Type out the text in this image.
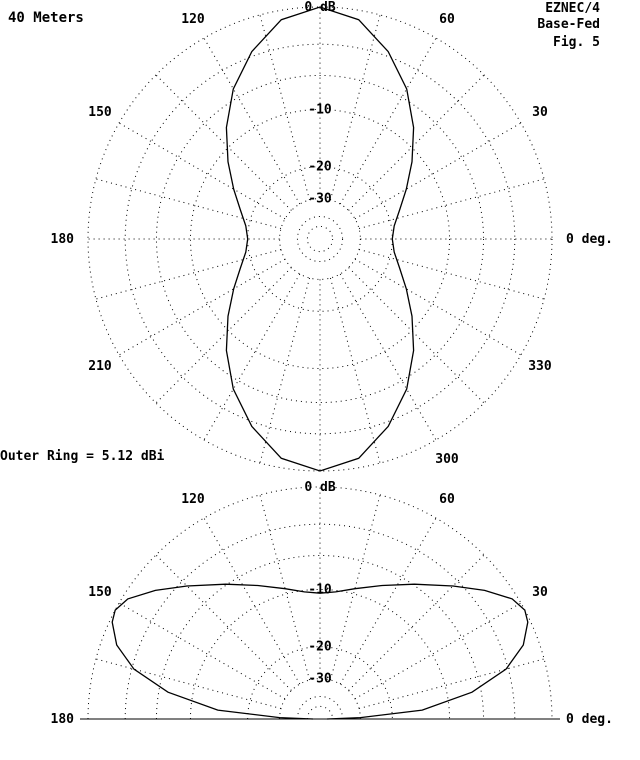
40 Meters
EZNEC/4
Base-Fed
Fig. 5
Outer Ring = 5.12 dBi
0 dB
-10
-20
-30
0 deg.
30
60
120
150
180
210
300
330
0 dB
-10
-20
-30
0 deg.
30
60
120
150
180
